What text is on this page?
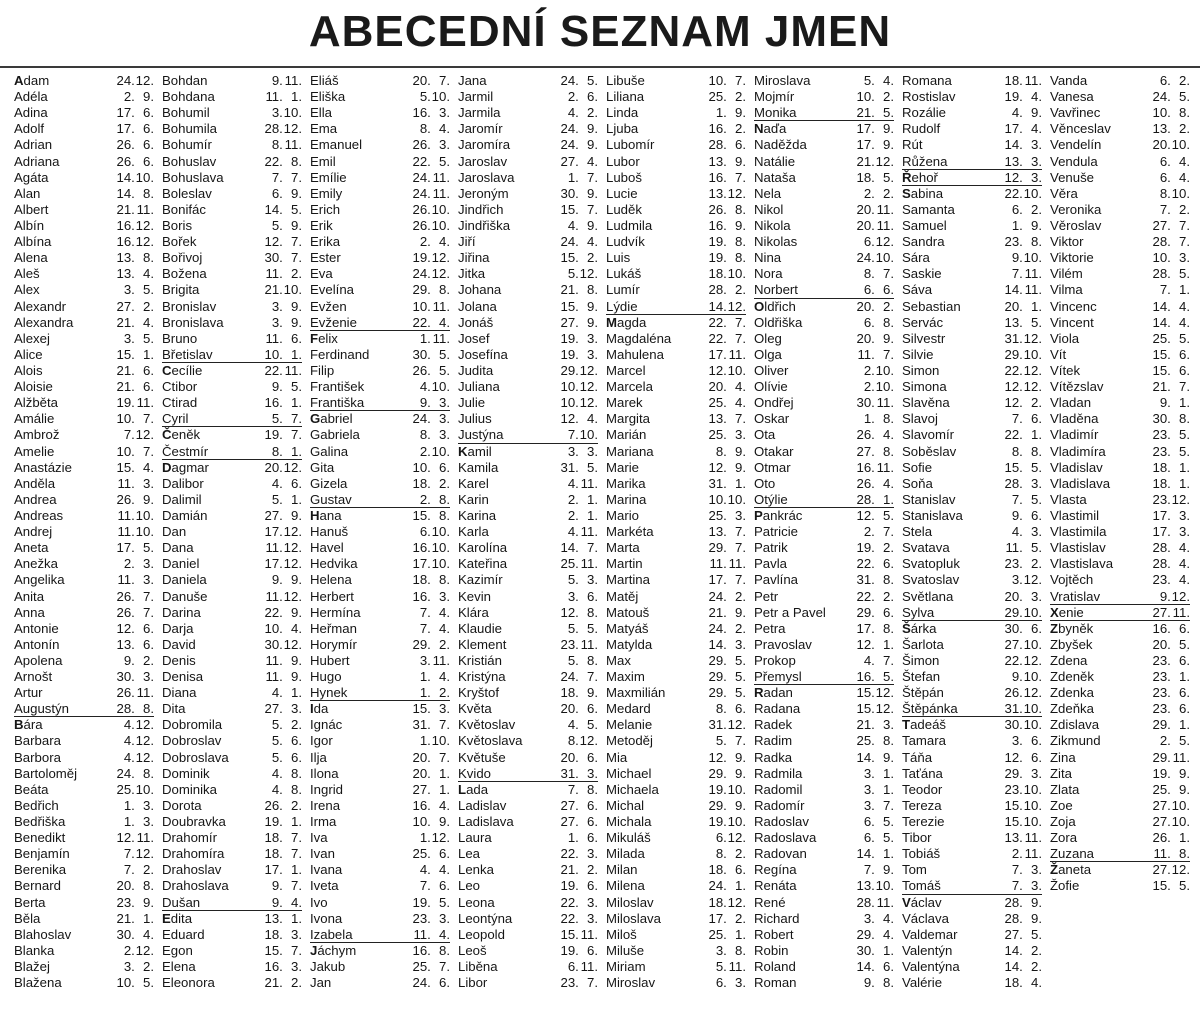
ABECEDNÍ SEZNAM JMEN
Adam	24.12.
Adéla	2. 9.
Adina	17. 6.
Adolf	17. 6.
Adrian	26. 6.
Adriana	26. 6.
Agáta	14.10.
Alan	14. 8.
Albert	21. 11.
Albín	16.12.
Albína	16.12.
Alena	13. 8.
Aleš	13. 4.
Alex	3. 5.
Alexandr	27. 2.
Alexandra	21. 4.
Alexej	3. 5.
Alice	15. 1.
Alois	21. 6.
Aloisie	21. 6.
Alžběta	19. 11.
Amálie	10. 7.
Ambrož	7.12.
Amelie	10. 7.
Anastázie	15. 4.
Anděla	11. 3.
Andrea	26. 9.
Andreas	11.10.
Andrej	11.10.
Aneta	17. 5.
Anežka	2. 3.
Angelika	11. 3.
Anita	26. 7.
Anna	26. 7.
Antonie	12. 6.
Antonín	13. 6.
Apolena	9. 2.
Arnošt	30. 3.
Artur	26. 11.
Augustýn	28. 8.
Bára	4.12.
Barbara	4.12.
Barbora	4.12.
Bartoloměj	24. 8.
Beáta	25.10.
Bedřich	1. 3.
Bedřiška	1. 3.
Benedikt	12. 11.
Benjamín	7.12.
Berenika	7. 2.
Bernard	20. 8.
Berta	23. 9.
Běla	21. 1.
Blahoslav	30. 4.
Blanka	2.12.
Blažej	3. 2.
Blažena	10. 5.
Bohdan	9. 11.
Bohdana	11. 1.
Bohumil	3.10.
Bohumila	28.12.
Bohumír	8. 11.
Bohuslav	22. 8.
Bohuslava	7. 7.
Boleslav	6. 9.
Bonifác	14. 5.
Boris	5. 9.
Bořek	12. 7.
Bořivoj	30. 7.
Božena	11. 2.
Brigita	21.10.
Bronislav	3. 9.
Bronislava	3. 9.
Bruno	11. 6.
Břetislav	10. 1.
Cecílie	22. 11.
Ctibor	9. 5.
Ctirad	16. 1.
Cyril	5. 7.
Čeněk	19. 7.
Čestmír	8. 1.
Dagmar	20.12.
Dalibor	4. 6.
Dalimil	5. 1.
Damián	27. 9.
Dan	17.12.
Dana	11.12.
Daniel	17.12.
Daniela	9. 9.
Danuše	11.12.
Darina	22. 9.
Darja	10. 4.
David	30.12.
Denis	11. 9.
Denisa	11. 9.
Diana	4. 1.
Dita	27. 3.
Dobromila	5. 2.
Dobroslav	5. 6.
Dobroslava	5. 6.
Dominik	4. 8.
Dominika	4. 8.
Dorota	26. 2.
Doubravka	19. 1.
Drahomír	18. 7.
Drahomíra	18. 7.
Drahoslav	17. 1.
Drahoslava	9. 7.
Dušan	9. 4.
Edita	13. 1.
Eduard	18. 3.
Egon	15. 7.
Elena	16. 3.
Eleonora	21. 2.
Eliáš	20. 7.
Eliška	5.10.
Ella	16. 3.
Ema	8. 4.
Emanuel	26. 3.
Emil	22. 5.
Emílie	24. 11.
Emily	24. 11.
Erich	26.10.
Erik	26.10.
Erika	2. 4.
Ester	19.12.
Eva	24.12.
Evelína	29. 8.
Evžen	10. 11.
Evženie	22. 4.
Felix	1. 11.
Ferdinand	30. 5.
Filip	26. 5.
František	4.10.
Františka	9. 3.
Gabriel	24. 3.
Gabriela	8. 3.
Galina	2.10.
Gita	10. 6.
Gizela	18. 2.
Gustav	2. 8.
Hana	15. 8.
Hanuš	6.10.
Havel	16.10.
Hedvika	17.10.
Helena	18. 8.
Herbert	16. 3.
Hermína	7. 4.
Heřman	7. 4.
Horymír	29. 2.
Hubert	3. 11.
Hugo	1. 4.
Hynek	1. 2.
Ida	15. 3.
Ignác	31. 7.
Igor	1.10.
Ilja	20. 7.
Ilona	20. 1.
Ingrid	27. 1.
Irena	16. 4.
Irma	10. 9.
Iva	1.12.
Ivan	25. 6.
Ivana	4. 4.
Iveta	7. 6.
Ivo	19. 5.
Ivona	23. 3.
Izabela	11. 4.
Jáchym	16. 8.
Jakub	25. 7.
Jan	24. 6.
Jana	24. 5.
Jarmil	2. 6.
Jarmila	4. 2.
Jaromír	24. 9.
Jaromíra	24. 9.
Jaroslav	27. 4.
Jaroslava	1. 7.
Jeroným	30. 9.
Jindřich	15. 7.
Jindřiška	4. 9.
Jiří	24. 4.
Jiřina	15. 2.
Jitka	5.12.
Johana	21. 8.
Jolana	15. 9.
Jonáš	27. 9.
Josef	19. 3.
Josefína	19. 3.
Judita	29.12.
Juliana	10.12.
Julie	10.12.
Julius	12. 4.
Justýna	7.10.
Kamil	3. 3.
Kamila	31. 5.
Karel	4. 11.
Karin	2. 1.
Karina	2. 1.
Karla	4. 11.
Karolína	14. 7.
Kateřina	25. 11.
Kazimír	5. 3.
Kevin	3. 6.
Klára	12. 8.
Klaudie	5. 5.
Klement	23. 11.
Kristián	5. 8.
Kristýna	24. 7.
Kryštof	18. 9.
Květa	20. 6.
Květoslav	4. 5.
Květoslava	8.12.
Květuše	20. 6.
Kvido	31. 3.
Lada	7. 8.
Ladislav	27. 6.
Ladislava	27. 6.
Laura	1. 6.
Lea	22. 3.
Lenka	21. 2.
Leo	19. 6.
Leona	22. 3.
Leontýna	22. 3.
Leopold	15. 11.
Leoš	19. 6.
Liběna	6. 11.
Libor	23. 7.
Libuše	10. 7.
Liliana	25. 2.
Linda	1. 9.
Ljuba	16. 2.
Lubomír	28. 6.
Lubor	13. 9.
Luboš	16. 7.
Lucie	13.12.
Luděk	26. 8.
Ludmila	16. 9.
Ludvík	19. 8.
Luis	19. 8.
Lukáš	18.10.
Lumír	28. 2.
Lýdie	14.12.
Magda	22. 7.
Magdaléna	22. 7.
Mahulena	17. 11.
Marcel	12.10.
Marcela	20. 4.
Marek	25. 4.
Margita	13. 7.
Marián	25. 3.
Mariana	8. 9.
Marie	12. 9.
Marika	31. 1.
Marina	10.10.
Mario	25. 3.
Markéta	13. 7.
Marta	29. 7.
Martin	11. 11.
Martina	17. 7.
Matěj	24. 2.
Matouš	21. 9.
Matyáš	24. 2.
Matylda	14. 3.
Max	29. 5.
Maxim	29. 5.
Maxmilián	29. 5.
Medard	8. 6.
Melanie	31.12.
Metoděj	5. 7.
Mia	12. 9.
Michael	29. 9.
Michaela	19.10.
Michal	29. 9.
Michala	19.10.
Mikuláš	6.12.
Milada	8. 2.
Milan	18. 6.
Milena	24. 1.
Miloslav	18.12.
Miloslava	17. 2.
Miloš	25. 1.
Miluše	3. 8.
Miriam	5. 11.
Miroslav	6. 3.
Miroslava	5. 4.
Mojmír	10. 2.
Monika	21. 5.
Naďa	17. 9.
Naděžda	17. 9.
Natálie	21.12.
Nataša	18. 5.
Nela	2. 2.
Nikol	20. 11.
Nikola	20. 11.
Nikolas	6.12.
Nina	24.10.
Nora	8. 7.
Norbert	6. 6.
Oldřich	20. 2.
Oldřiška	6. 8.
Oleg	20. 9.
Olga	11. 7.
Oliver	2.10.
Olívie	2.10.
Ondřej	30. 11.
Oskar	1. 8.
Ota	26. 4.
Otakar	27. 8.
Otmar	16. 11.
Oto	26. 4.
Otýlie	28. 1.
Pankrác	12. 5.
Patricie	2. 7.
Patrik	19. 2.
Pavla	22. 6.
Pavlína	31. 8.
Petr	22. 2.
Petr a Pavel 29. 6.
Petra	17. 8.
Pravoslav	12. 1.
Prokop	4. 7.
Přemysl	16. 5.
Radan	15.12.
Radana	15.12.
Radek	21. 3.
Radim	25. 8.
Radka	14. 9.
Radmila	3. 1.
Radomil	3. 1.
Radomír	3. 7.
Radoslav	6. 5.
Radoslava	6. 5.
Radovan	14. 1.
Regína	7. 9.
Renáta	13.10.
René	28. 11.
Richard	3. 4.
Robert	29. 4.
Robin	30. 1.
Roland	14. 6.
Roman	9. 8.
Romana	18. 11.
Rostislav	19. 4.
Rozálie	4. 9.
Rudolf	17. 4.
Rút	14. 3.
Růžena	13. 3.
Řehoř	12. 3.
Sabina	22.10.
Samanta	6. 2.
Samuel	1. 9.
Sandra	23. 8.
Sára	9.10.
Saskie	7. 11.
Sáva	14. 11.
Sebastian	20. 1.
Servác	13. 5.
Silvestr	31.12.
Silvie	29.10.
Simon	22.12.
Simona	12.12.
Slavěna	12. 2.
Slavoj	7. 6.
Slavomír	22. 1.
Soběslav	8. 8.
Sofie	15. 5.
Soňa	28. 3.
Stanislav	7. 5.
Stanislava	9. 6.
Stela	4. 3.
Svatava	11. 5.
Svatopluk	23. 2.
Svatoslav	3.12.
Světlana	20. 3.
Sylva	29.10.
Šárka	30. 6.
Šarlota	27.10.
Šimon	22.12.
Štefan	9.10.
Štěpán	26.12.
Štěpánka	31.10.
Tadeáš	30.10.
Tamara	3. 6.
Táňa	12. 6.
Taťána	29. 3.
Teodor	23.10.
Tereza	15.10.
Terezie	15.10.
Tibor	13. 11.
Tobiáš	2. 11.
Tom	7. 3.
Tomáš	7. 3.
Václav	28. 9.
Václava	28. 9.
Valdemar	27. 5.
Valentýn	14. 2.
Valentýna	14. 2.
Valérie	18. 4.
Vanda	6. 2.
Vanesa	24. 5.
Vavřinec	10. 8.
Věnceslav	13. 2.
Vendelín	20.10.
Vendula	6. 4.
Venuše	6. 4.
Věra	8.10.
Veronika	7. 2.
Věroslav	27. 7.
Viktor	28. 7.
Viktorie	10. 3.
Vilém	28. 5.
Vilma	7. 1.
Vincenc	14. 4.
Vincent	14. 4.
Viola	25. 5.
Vít	15. 6.
Vítek	15. 6.
Vítězslav	21. 7.
Vladan	9. 1.
Vladěna	30. 8.
Vladimír	23. 5.
Vladimíra	23. 5.
Vladislav	18. 1.
Vladislava	18. 1.
Vlasta	23.12.
Vlastimil	17. 3.
Vlastimila	17. 3.
Vlastislav	28. 4.
Vlastislava	28. 4.
Vojtěch	23. 4.
Vratislav	9.12.
Xenie	27. 11.
Zbyněk	16. 6.
Zbyšek	20. 5.
Zdena	23. 6.
Zdeněk	23. 1.
Zdenka	23. 6.
Zdeňka	23. 6.
Zdislava	29. 1.
Zikmund	2. 5.
Zina	29. 11.
Zita	19. 9.
Zlata	25. 9.
Zoe	27.10.
Zoja	27.10.
Zora	26. 1.
Zuzana	11. 8.
Žaneta	27.12.
Žofie	15. 5.
